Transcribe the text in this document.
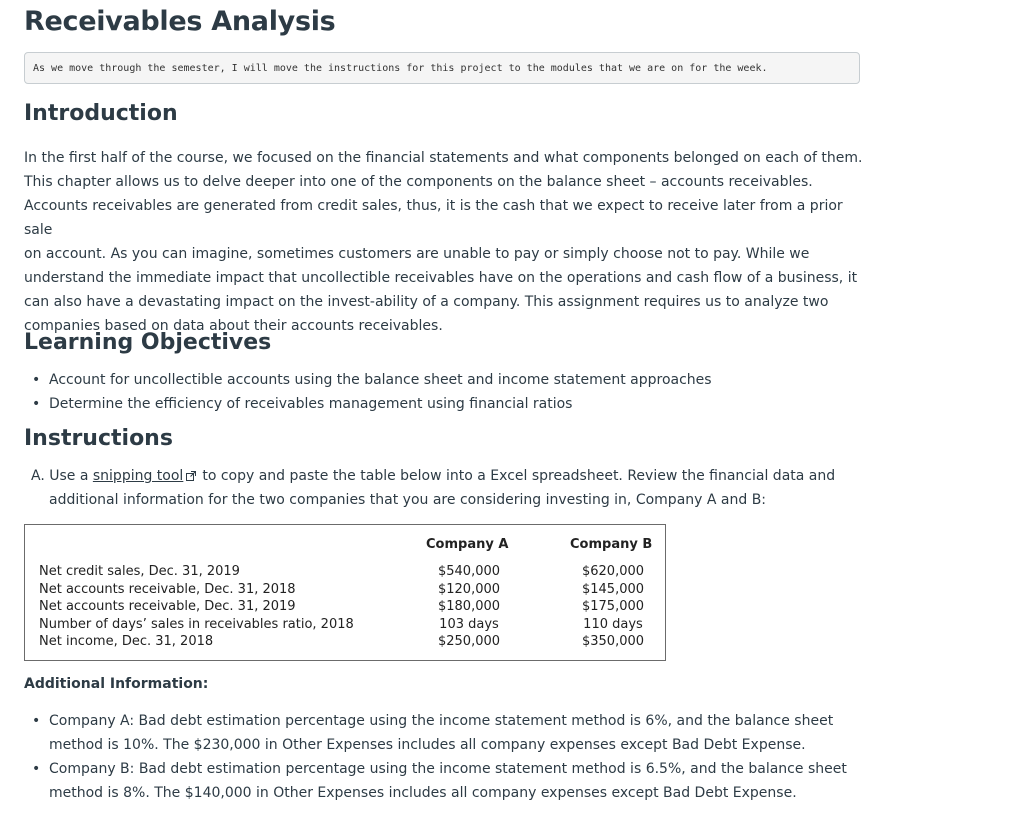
Receivables Analysis
As we move through the semester, I will move the instructions for this project to the modules that we are on for the week.
Introduction
In the first half of the course, we focused on the financial statements and what components belonged on each of them.
This chapter allows us to delve deeper into one of the components on the balance sheet – accounts receivables.
Accounts receivables are generated from credit sales, thus, it is the cash that we expect to receive later from a prior sale
on account. As you can imagine, sometimes customers are unable to pay or simply choose not to pay. While we
understand the immediate impact that uncollectible receivables have on the operations and cash flow of a business, it
can also have a devastating impact on the invest-ability of a company. This assignment requires us to analyze two
companies based on data about their accounts receivables.
Learning Objectives
• Account for uncollectible accounts using the balance sheet and income statement approaches
• Determine the efficiency of receivables management using financial ratios
Instructions
A. Use a snipping tool to copy and paste the table below into a Excel spreadsheet. Review the financial data and
additional information for the two companies that you are considering investing in, Company A and B:
Company A	Company B
Net credit sales, Dec. 31, 2019
Net accounts receivable, Dec. 31, 2018
Net accounts receivable, Dec. 31, 2019
Number of days’ sales in receivables ratio, 2018
Net income, Dec. 31, 2018
$540,000
$120,000
$180,000
103 days
$250,000
$620,000
$145,000
$175,000
110 days
$350,000
Additional Information:
• Company A: Bad debt estimation percentage using the income statement method is 6%, and the balance sheet method is 10%. The $230,000 in Other Expenses includes all company expenses except Bad Debt Expense.
• Company B: Bad debt estimation percentage using the income statement method is 6.5%, and the balance sheet method is 8%. The $140,000 in Other Expenses includes all company expenses except Bad Debt Expense.
